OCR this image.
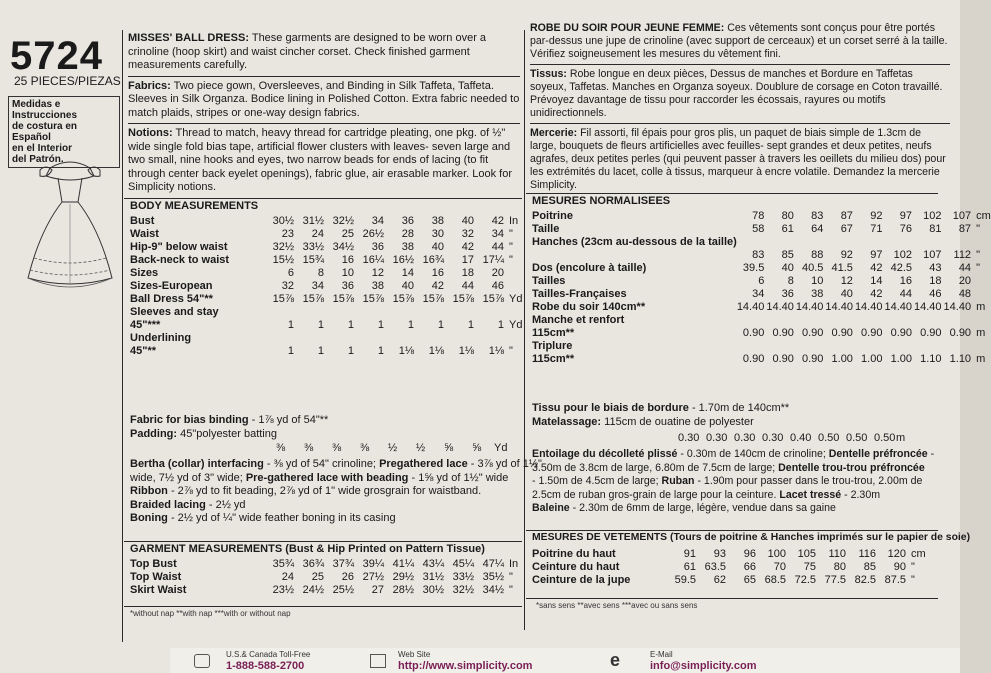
5724
25 PIECES/PIEZAS
Medidas e Instrucciones
de costura en Español
en el Interior
del Patrón.

MISSES' BALL DRESS: These garments are designed to be worn over a crinoline (hoop skirt) and waist cincher corset. Check finished garment measurements carefully.

Fabrics: Two piece gown, Oversleeves, and Binding in Silk Taffeta, Taffeta. Sleeves in Silk Organza. Bodice lining in Polished Cotton. Extra fabric needed to match plaids, stripes or one-way design fabrics.

Notions: Thread to match, heavy thread for cartridge pleating, one pkg. of ½" wide single fold bias tape, artificial flower clusters with leaves- seven large and two small, nine hooks and eyes, two narrow beads for ends of lacing (to fit through center back eyelet openings), fabric glue, air erasable marker. Look for Simplicity notions.

BODY MEASUREMENTS
Bust	30½	31½	32½	34	36	38	40	42	In
Waist	23	24	25	26½	28	30	32	34	"
Hip-9" below waist	32½	33½	34½	36	38	40	42	44	"
Back-neck to waist	15½	15¾	16	16¼	16½	16¾	17	17¼	"
Sizes	6	8	10	12	14	16	18	20	
Sizes-European	32	34	36	38	40	42	44	46	
Ball Dress 54"**	15⅞	15⅞	15⅞	15⅞	15⅞	15⅞	15⅞	15⅞	Yd
Sleeves and stay									
45"***	1	1	1	1	1	1	1	1	Yd
Underlining									
45"**	1	1	1	1	1⅛	1⅛	1⅛	1⅛	"
Fabric for bias binding - 1⅞ yd of 54"**
Padding: 45"polyester batting
⅜ ⅜ ⅜ ⅜ ½ ½ ⅝ ⅝ Yd
Bertha (collar) interfacing - ⅜ yd of 54" crinoline; Pregathered lace - 3⅞ yd of 1½"
wide, 7½ yd of 3" wide; Pre-gathered lace with beading - 1⅝ yd of 1½" wide
Ribbon - 2⅞ yd to fit beading, 2⅞ yd of 1" wide grosgrain for waistband.
Braided lacing - 2½ yd
Boning - 2½ yd of ¼" wide feather boning in its casing
GARMENT MEASUREMENTS (Bust & Hip Printed on Pattern Tissue)
Top Bust	35¾	36¾	37¾	39¼	41¼	43¼	45¼	47¼	In
Top Waist	24	25	26	27½	29½	31½	33½	35½	"
Skirt Waist	23½	24½	25½	27	28½	30½	32½	34½	"
*without nap **with nap ***with or without nap

ROBE DU SOIR POUR JEUNE FEMME: Ces vêtements sont conçus pour être portés par-dessus une jupe de crinoline (avec support de cerceaux) et un corset serré à la taille. Vérifiez soigneusement les mesures du vêtement fini.

Tissus: Robe longue en deux pièces, Dessus de manches et Bordure en Taffetas soyeux, Taffetas. Manches en Organza soyeux. Doublure de corsage en Coton travaillé. Prévoyez davantage de tissu pour raccorder les écossais, rayures ou motifs unidirectionnels.

Mercerie: Fil assorti, fil épais pour gros plis, un paquet de biais simple de 1.3cm de large, bouquets de fleurs artificielles avec feuilles- sept grandes et deux petites, neufs agrafes, deux petites perles (qui peuvent passer à travers les oeillets du milieu dos) pour les extrémités du lacet, colle à tissus, marqueur à encre volatile. Demandez la mercerie Simplicity.

MESURES NORMALISEES
Poitrine	78	80	83	87	92	97	102	107	cm
Taille	58	61	64	67	71	76	81	87	"
Hanches (23cm au-dessous de la taille)									
	83	85	88	92	97	102	107	112	"
Dos (encolure à taille)	39.5	40	40.5	41.5	42	42.5	43	44	"
Tailles	6	8	10	12	14	16	18	20	
Tailles-Françaises	34	36	38	40	42	44	46	48	
Robe du soir 140cm**	14.40	14.40	14.40	14.40	14.40	14.40	14.40	14.40	m
Manche et renfort									
115cm**	0.90	0.90	0.90	0.90	0.90	0.90	0.90	0.90	m
Triplure									
115cm**	0.90	0.90	0.90	1.00	1.00	1.00	1.10	1.10	m
Tissu pour le biais de bordure - 1.70m de 140cm**
Matelassage: 115cm de ouatine de polyester
0.30 0.30 0.30 0.30 0.40 0.50 0.50 0.50 m
Entoilage du décolleté plissé - 0.30m de 140cm de crinoline; Dentelle préfroncée -
3.50m de 3.8cm de large, 6.80m de 7.5cm de large; Dentelle trou-trou préfroncée
- 1.50m de 4.5cm de large; Ruban - 1.90m pour passer dans le trou-trou, 2.00m de
2.5cm de ruban gros-grain de large pour la ceinture. Lacet tressé - 2.30m
Baleine - 2.30m de 6mm de large, légère, vendue dans sa gaine
MESURES DE VETEMENTS (Tours de poitrine & Hanches imprimés sur le papier de soie)
Poitrine du haut	91	93	96	100	105	110	116	120	cm
Ceinture du haut	61	63.5	66	70	75	80	85	90	"
Ceinture de la jupe	59.5	62	65	68.5	72.5	77.5	82.5	87.5	"
*sans sens **avec sens ***avec ou sans sens
U.S.& Canada Toll-Free
1-888-588-2700
Web Site
http://www.simplicity.com	e	E-Mail
info@simplicity.com
